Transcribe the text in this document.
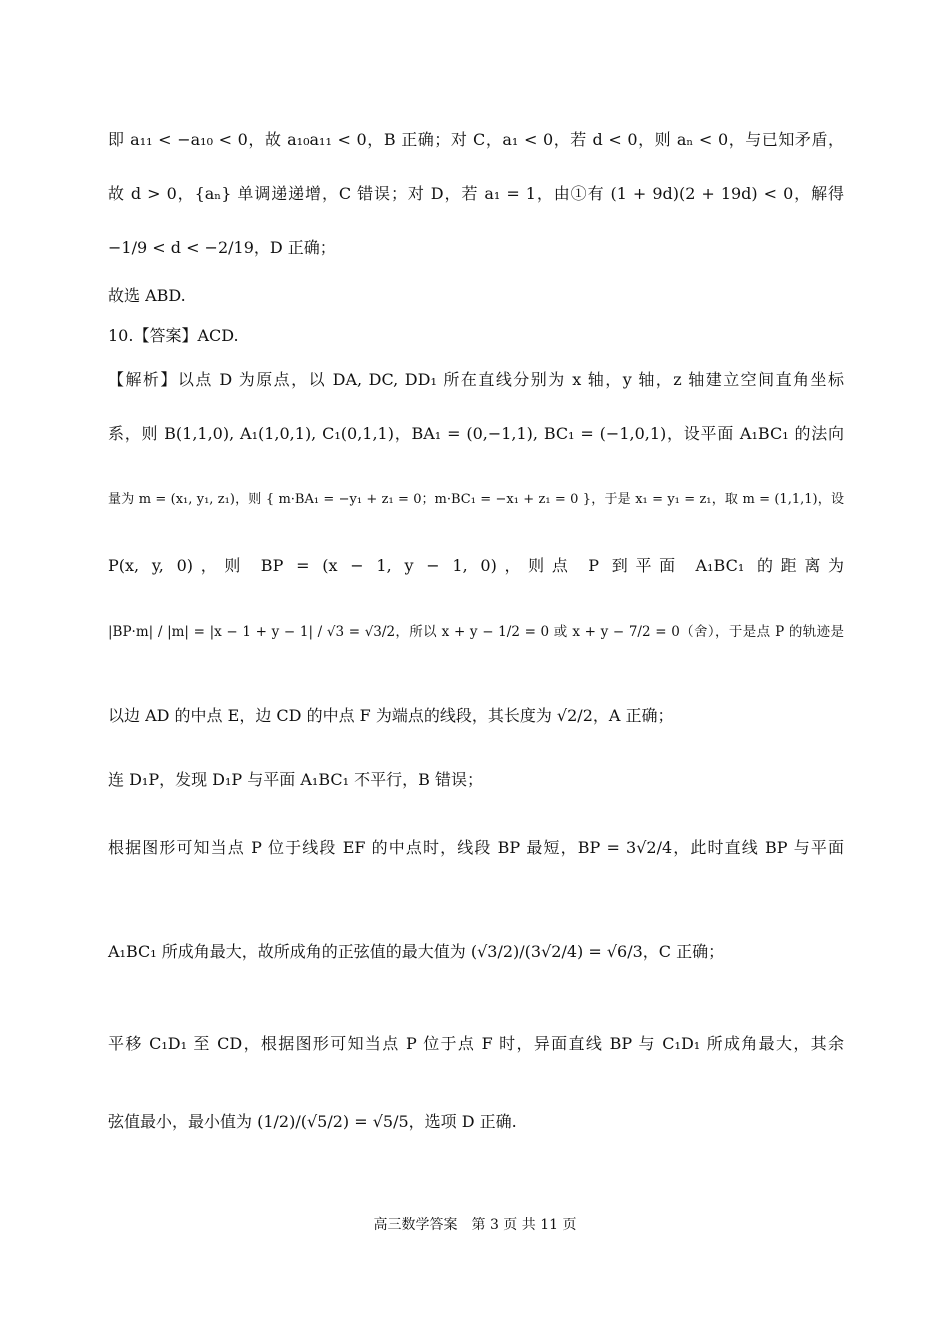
即 a₁₁ < −a₁₀ < 0，故 a₁₀a₁₁ < 0，B 正确；对 C，a₁ < 0，若 d < 0，则 aₙ < 0，与已知矛盾，
故 d > 0，{aₙ} 单调递递增，C 错误；对 D，若 a₁ = 1，由①有 (1 + 9d)(2 + 19d) < 0，解得
−1/9 < d < −2/19，D 正确；
故选 ABD.
10.【答案】ACD.
【解析】以点 D 为原点，以 DA, DC, DD₁ 所在直线分别为 x 轴，y 轴，z 轴建立空间直角坐标
系，则 B(1,1,0), A₁(1,0,1), C₁(0,1,1)，BA₁ = (0,−1,1), BC₁ = (−1,0,1)，设平面 A₁BC₁ 的法向
量为 m = (x₁, y₁, z₁)，则 { m·BA₁ = −y₁ + z₁ = 0；m·BC₁ = −x₁ + z₁ = 0 }，于是 x₁ = y₁ = z₁，取 m = (1,1,1)，设
P(x, y, 0)，则 BP = (x − 1, y − 1, 0)，则点 P 到平面 A₁BC₁ 的距离为
|BP·m| / |m| = |x − 1 + y − 1| / √3 = √3/2，所以 x + y − 1/2 = 0 或 x + y − 7/2 = 0（舍），于是点 P 的轨迹是
以边 AD 的中点 E，边 CD 的中点 F 为端点的线段，其长度为 √2/2，A 正确；
连 D₁P，发现 D₁P 与平面 A₁BC₁ 不平行，B 错误；
根据图形可知当点 P 位于线段 EF 的中点时，线段 BP 最短，BP = 3√2/4，此时直线 BP 与平面
A₁BC₁ 所成角最大，故所成角的正弦值的最大值为 (√3/2)/(3√2/4) = √6/3，C 正确；
平移 C₁D₁ 至 CD，根据图形可知当点 P 位于点 F 时，异面直线 BP 与 C₁D₁ 所成角最大，其余
弦值最小，最小值为 (1/2)/(√5/2) = √5/5，选项 D 正确.
高三数学答案　第 3 页 共 11 页
